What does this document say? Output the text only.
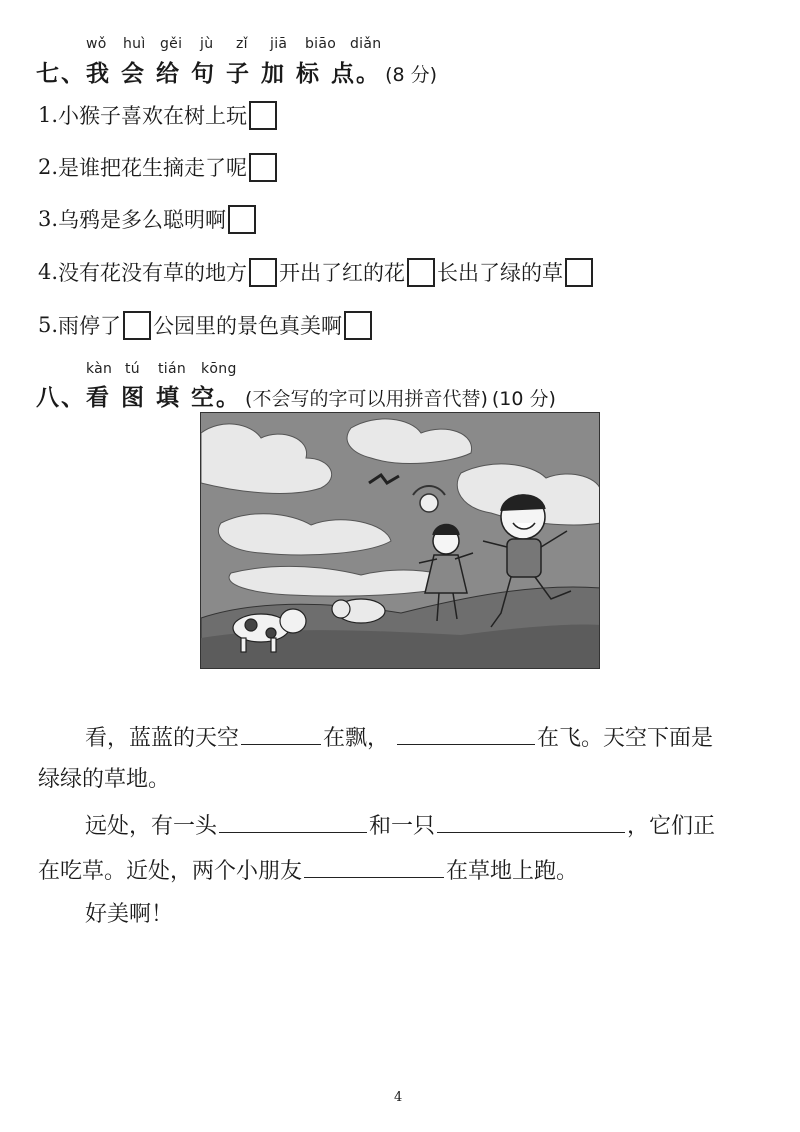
wǒ huì gěi jù zǐ jiā biāo diǎn
七、我 会 给 句 子 加 标 点。 (8 分)
1. 小猴子喜欢在树上玩
2. 是谁把花生摘走了呢
3. 乌鸦是多么聪明啊
4. 没有花没有草的地方 开出了红的花 长出了绿的草
5. 雨停了 公园里的景色真美啊
kàn tú tián kōng
八、看 图 填 空。 (不会写的字可以用拼音代替) (10 分)
看，蓝蓝的天空	在飘，	在飞。天空下面是
绿绿的草地。
远处，有一头	和一只	，它们正
在吃草。近处，两个小朋友	在草地上跑。
好美啊！
4
